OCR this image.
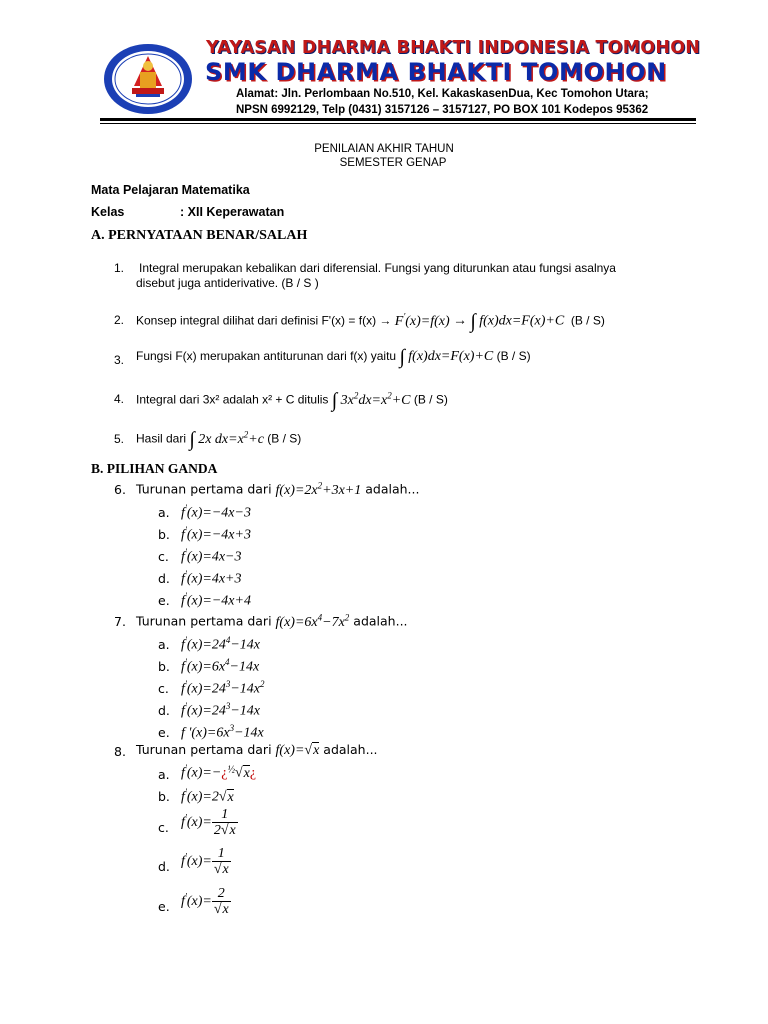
YAYASAN DHARMA BHAKTI INDONESIA TOMOHON
SMK DHARMA BHAKTI TOMOHON
Alamat: Jln. Perlombaan No.510, Kel. KakaskasenDua, Kec Tomohon Utara;
NPSN 6992129, Telp (0431) 3157126 – 3157127, PO BOX 101 Kodepos 95362
PENILAIAN AKHIR TAHUN
SEMESTER GENAP
Mata Pelajaran
: Matematika
Kelas	: XII Keperawatan
A. PERNYATAAN BENAR/SALAH
1. Integral merupakan kebalikan dari diferensial. Fungsi yang diturunkan atau fungsi asalnya
disebut juga antiderivative. (B / S )
2. Konsep integral dilihat dari definisi F'(x) = f(x) → F'(x)=f(x) → ∫ f(x)dx=F(x)+C (B / S)
3. Fungsi F(x) merupakan antiturunan dari f(x) yaitu ∫ f(x)dx=F(x)+C (B / S)
4. Integral dari 3x² adalah x² + C ditulis ∫ $3x^2dx=x^2+C$ (B / S)
5. Hasil dari ∫ 2x $dx=x^2+c$ (B / S)
B. PILIHAN GANDA
6. Turunan pertama dari $f(x)=2x^2+3x+1$ adalah...
a. f'(x)=−4x−3
b. f'(x)=−4x+3
c. f'(x)=4x−3
d. f'(x)=4x+3
e. f'(x)=−4x+4
7. Turunan pertama dari $f(x)=6x^4-7x^2$ adalah...
a. $f'(x)=24^4-14x$
b. $f'(x)=6x^4-14x$
c. $f'(x)=24^3-14x^2$
d. $f'(x)=24^3-14x$
e. f '$(x)=6x^3-14x$
8. Turunan pertama dari f(x)=√x adalah...
a. f'(x)=−¿$^{\frac{1}{2}}$√x¿
b. f'(x)=2√x
c. $f'(x)= \frac{1}{2√x}$
d. $f'(x)= \frac{1}{√x}$
e. $f'(x)= \frac{2}{√x}$
